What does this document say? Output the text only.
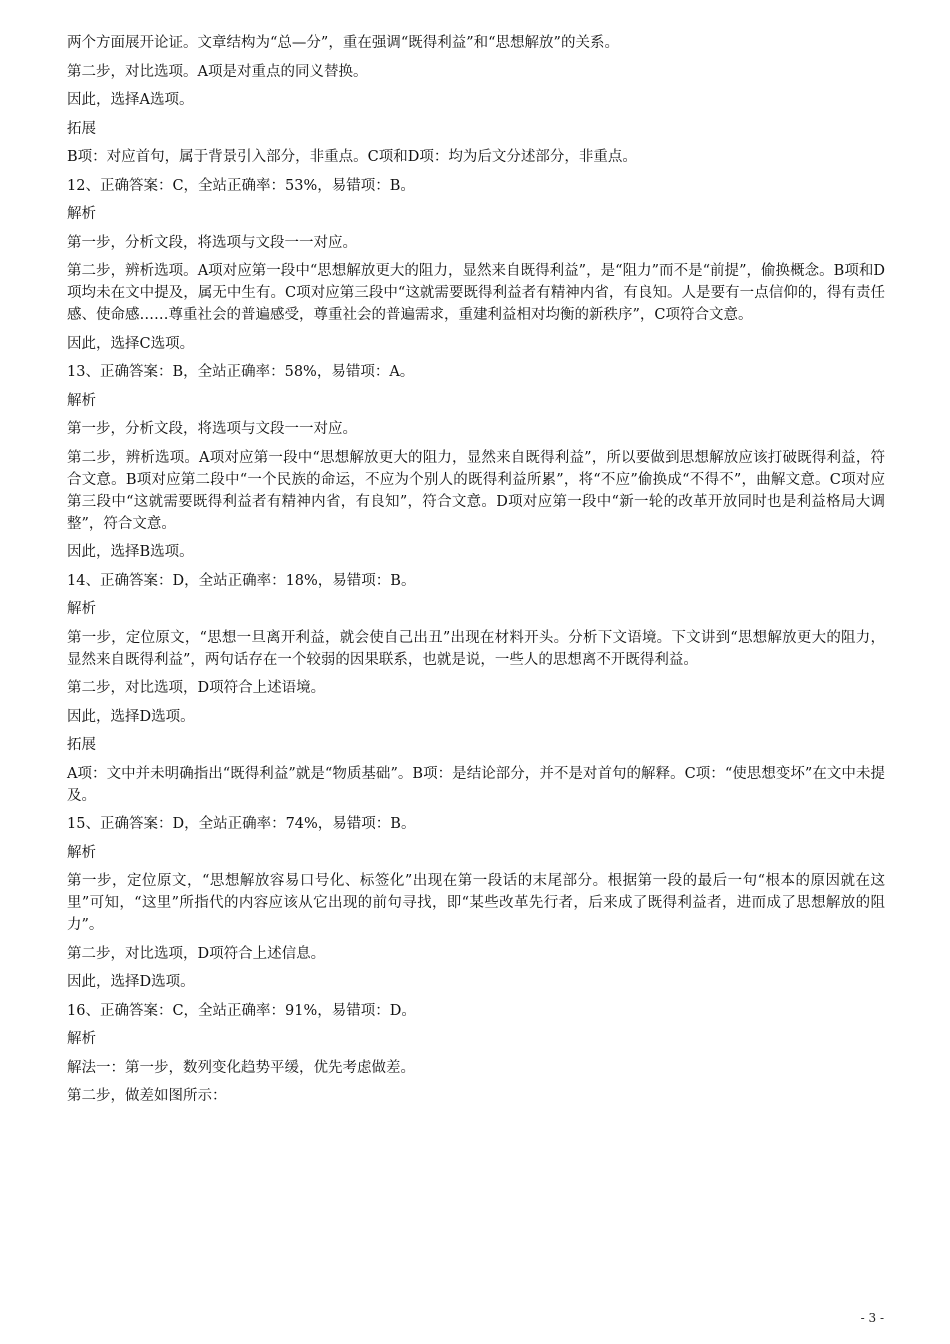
两个方面展开论证。文章结构为“总—分”，重在强调“既得利益”和“思想解放”的关系。

第二步，对比选项。A项是对重点的同义替换。

因此，选择A选项。

拓展

B项：对应首句，属于背景引入部分，非重点。C项和D项：均为后文分述部分，非重点。

12、正确答案：C，全站正确率：53%，易错项：B。

解析

第一步，分析文段，将选项与文段一一对应。

第二步，辨析选项。A项对应第一段中“思想解放更大的阻力，显然来自既得利益”，是“阻力”而不是“前提”，偷换概念。B项和D项均未在文中提及，属无中生有。C项对应第三段中“这就需要既得利益者有精神内省，有良知。人是要有一点信仰的，得有责任感、使命感……尊重社会的普遍感受，尊重社会的普遍需求，重建利益相对均衡的新秩序”，C项符合文意。

因此，选择C选项。

13、正确答案：B，全站正确率：58%，易错项：A。

解析

第一步，分析文段，将选项与文段一一对应。

第二步，辨析选项。A项对应第一段中“思想解放更大的阻力，显然来自既得利益”，所以要做到思想解放应该打破既得利益，符合文意。B项对应第二段中“一个民族的命运，不应为个别人的既得利益所累”，将“不应”偷换成“不得不”，曲解文意。C项对应第三段中“这就需要既得利益者有精神内省，有良知”，符合文意。D项对应第一段中“新一轮的改革开放同时也是利益格局大调整”，符合文意。

因此，选择B选项。

14、正确答案：D，全站正确率：18%，易错项：B。

解析

第一步，定位原文，“思想一旦离开利益，就会使自己出丑”出现在材料开头。分析下文语境。下文讲到“思想解放更大的阻力，显然来自既得利益”，两句话存在一个较弱的因果联系，也就是说，一些人的思想离不开既得利益。

第二步，对比选项，D项符合上述语境。

因此，选择D选项。

拓展

A项：文中并未明确指出“既得利益”就是“物质基础”。B项：是结论部分，并不是对首句的解释。C项：“使思想变坏”在文中未提及。

15、正确答案：D，全站正确率：74%，易错项：B。

解析

第一步，定位原文，“思想解放容易口号化、标签化”出现在第一段话的末尾部分。根据第一段的最后一句“根本的原因就在这里”可知，“这里”所指代的内容应该从它出现的前句寻找，即“某些改革先行者，后来成了既得利益者，进而成了思想解放的阻力”。

第二步，对比选项，D项符合上述信息。

因此，选择D选项。

16、正确答案：C，全站正确率：91%，易错项：D。

解析

解法一：第一步，数列变化趋势平缓，优先考虑做差。

第二步，做差如图所示：

- 3 -
